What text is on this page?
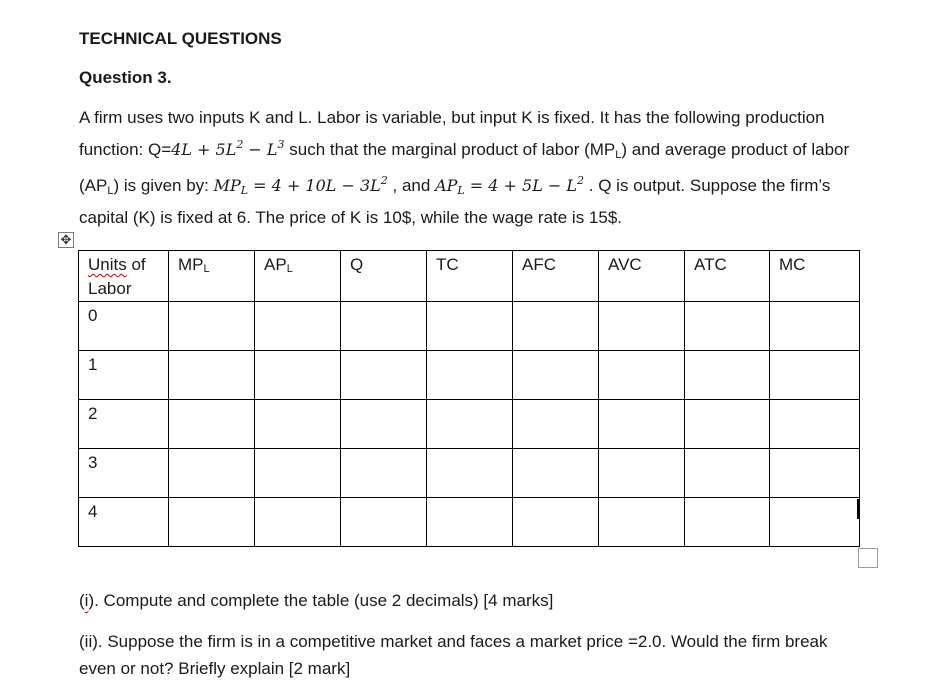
TECHNICAL QUESTIONS
Question 3.
A firm uses two inputs K and L. Labor is variable, but input K is fixed. It has the following production function: $Q=4L + 5L^2 - L^3$ such that the marginal product of labor $(MP_L)$ and average product of labor $(AP_L)$ is given by: $MP_L = 4 + 10L - 3L^2$ , and $AP_L = 4 + 5L - L^2$ . Q is output. Suppose the firm’s capital (K) is fixed at 6. The price of K is 10$, while the wage rate is 15$.
✥
Units of Labor	MPL	APL	Q	TC	AFC	AVC	ATC	MC
0								
1								
2								
3								
4								
(i). Compute and complete the table (use 2 decimals) [4 marks]
(ii). Suppose the firm is in a competitive market and faces a market price =2.0. Would the firm break even or not? Briefly explain [2 mark]
